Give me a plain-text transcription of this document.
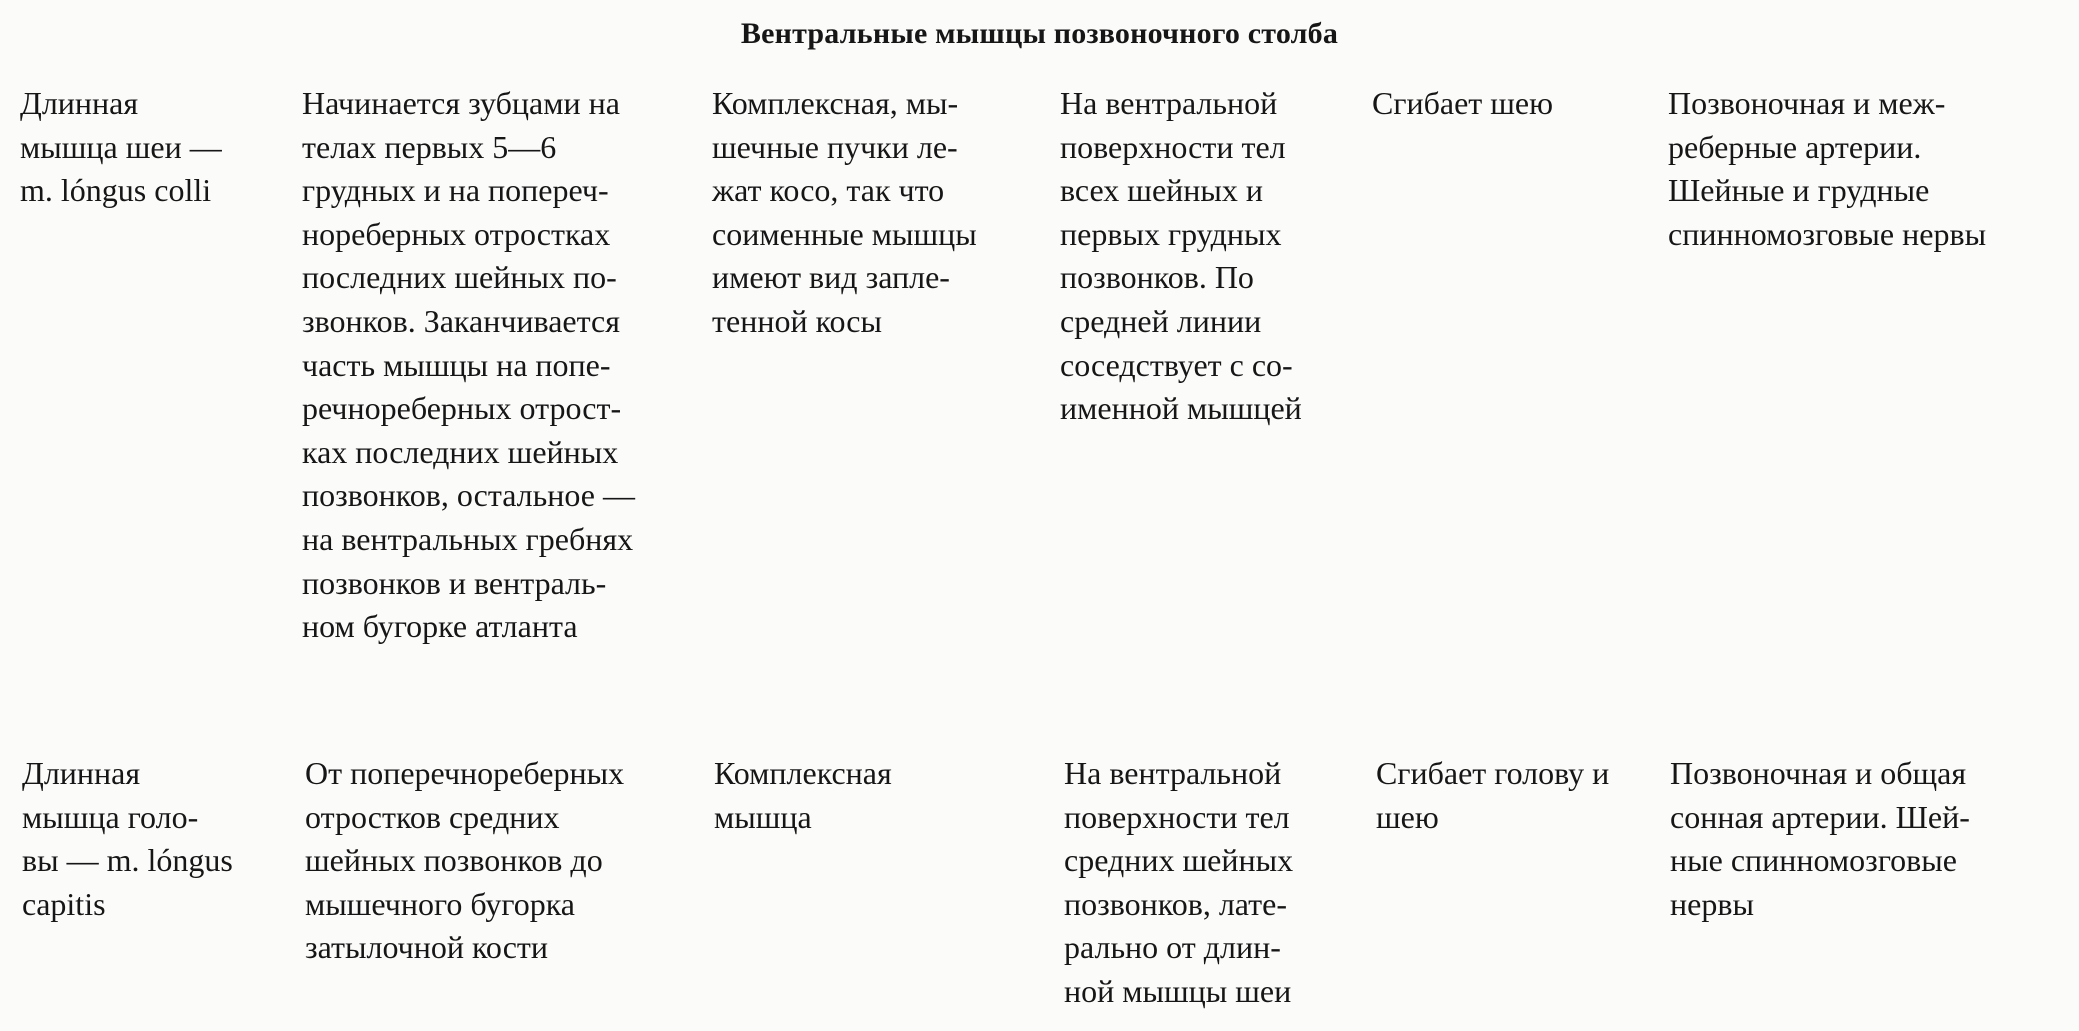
Вентральные мышцы позвоночного столба
Длинная
мышца шеи —
m. lóngus colli
Начинается зубцами на
телах первых 5—6
грудных и на попереч-
нореберных отростках
последних шейных по-
звонков. Заканчивается
часть мышцы на попе-
речнореберных отрост-
ках последних шейных
позвонков, остальное —
на вентральных гребнях
позвонков и вентраль-
ном бугорке атланта
Комплексная, мы-
шечные пучки ле-
жат косо, так что
соименные мышцы
имеют вид запле-
тенной косы
На вентральной
поверхности тел
всех шейных и
первых грудных
позвонков. По
средней линии
соседствует с со-
именной мышцей
Сгибает шею	Позвоночная и меж-
реберные артерии.
Шейные и грудные
спинномозговые нервы
Длинная
мышца голо-
вы — m. lóngus
capitis
От поперечнореберных
отростков средних
шейных позвонков до
мышечного бугорка
затылочной кости
Комплексная
мышца
На вентральной
поверхности тел
средних шейных
позвонков, лате-
рально от длин-
ной мышцы шеи
Сгибает голову и
шею
Позвоночная и общая
сонная артерии. Шей-
ные спинномозговые
нервы
